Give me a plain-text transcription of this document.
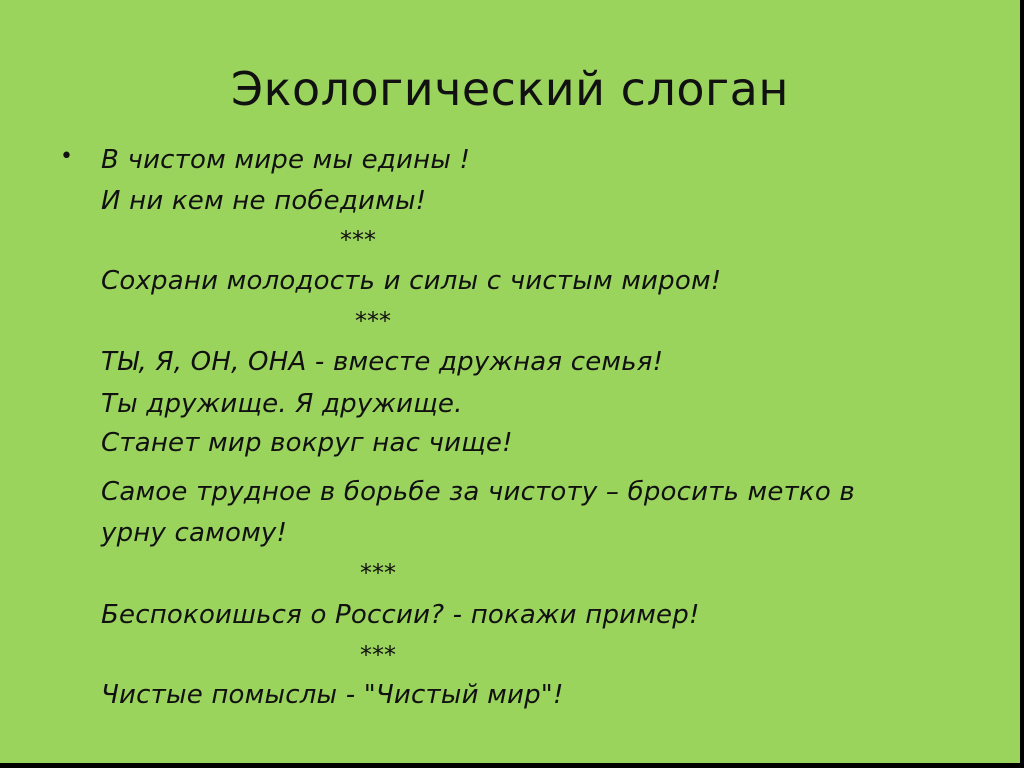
Экологический слоган
• В чистом мире мы едины !
И ни кем не победимы!
***
Сохрани молодость и силы с чистым миром!
***
ТЫ, Я, ОН, ОНА - вместе дружная семья!
Ты дружище. Я дружище.
Станет мир вокруг нас чище!
Самое трудное в борьбе за чистоту – бросить метко в
урну самому!
***
Беспокоишься о России? - покажи пример!
***
Чистые помыслы - "Чистый мир"!
